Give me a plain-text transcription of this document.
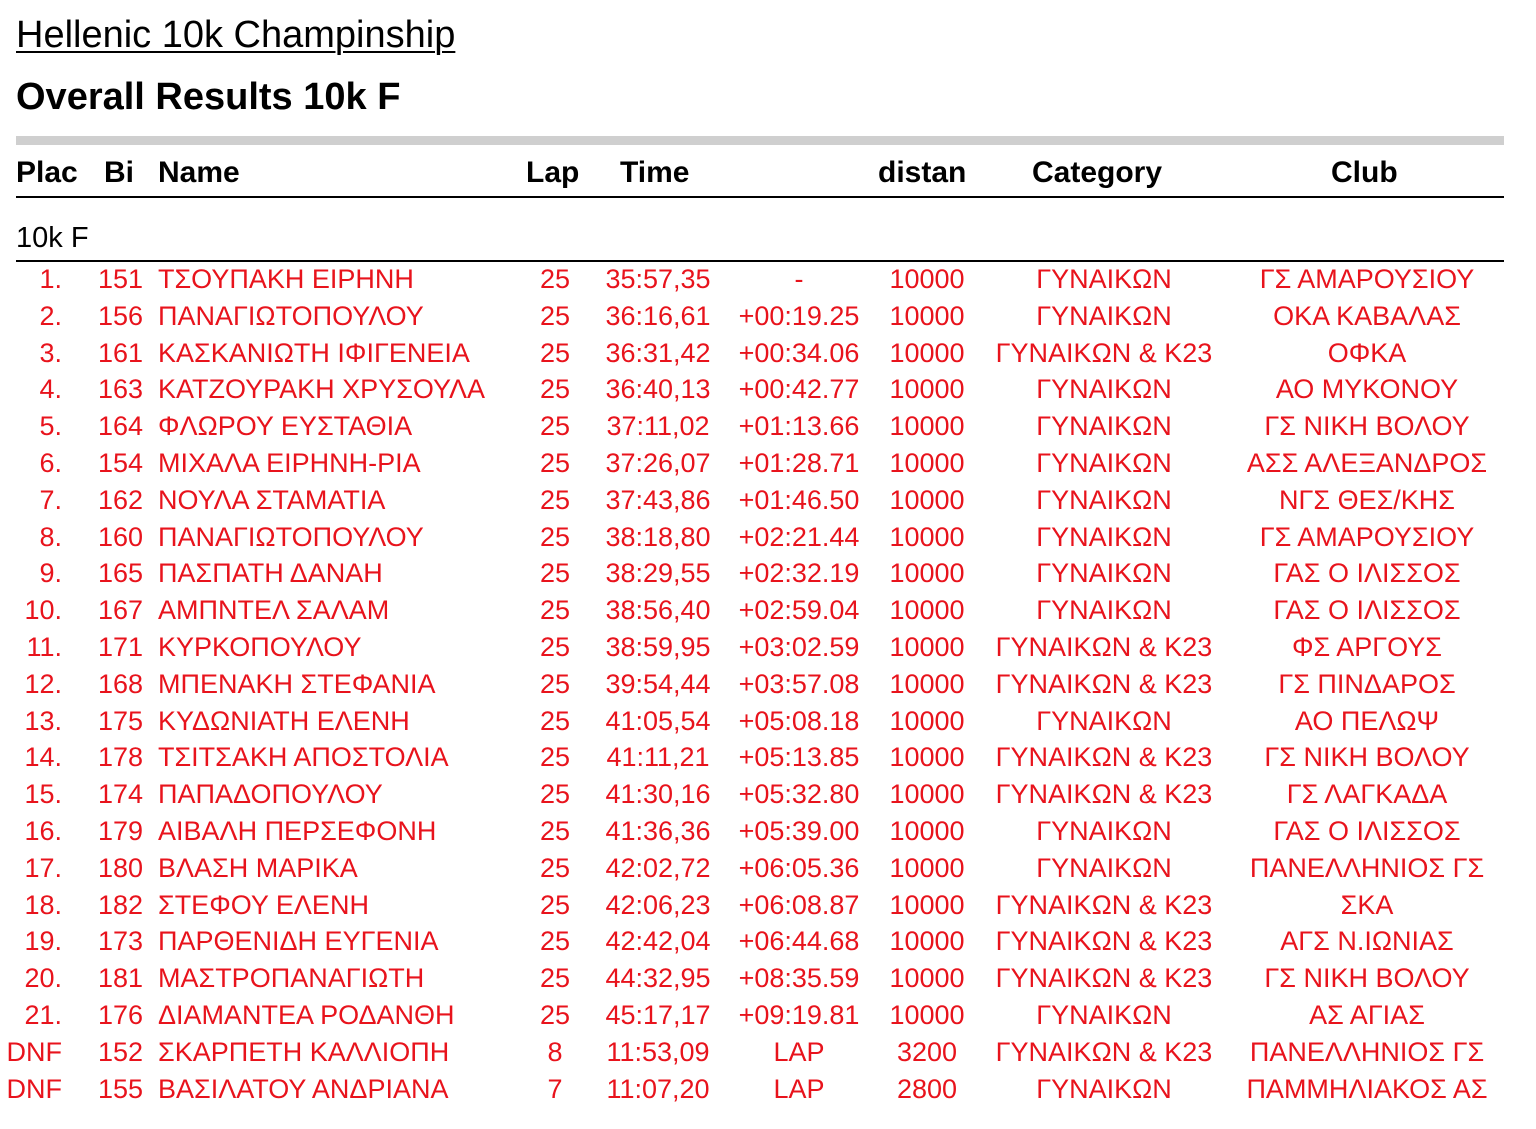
Hellenic 10k Champinship
Overall Results 10k F
Plac Bi Name	Lap Time	distan Category	Club
10k F
1. 151 ΤΣΟΥΠΑΚΗ ΕΙΡΗΝΗ	25	35:57,35	-	10000	ΓΥΝΑΙΚΩΝ	ΓΣ ΑΜΑΡΟΥΣΙΟΥ
2. 156 ΠΑΝΑΓΙΩΤΟΠΟΥΛΟΥ	25	36:16,61	+00:19.25	10000	ΓΥΝΑΙΚΩΝ	ΟΚΑ ΚΑΒΑΛΑΣ
3. 161 ΚΑΣΚΑΝΙΩΤΗ ΙΦΙΓΕΝΕΙΑ	25	36:31,42	+00:34.06	10000	ΓΥΝΑΙΚΩΝ & Κ23	ΟΦΚΑ
4. 163 ΚΑΤΖΟΥΡΑΚΗ ΧΡΥΣΟΥΛΑ	25	36:40,13	+00:42.77	10000	ΓΥΝΑΙΚΩΝ	ΑΟ ΜΥΚΟΝΟΥ
5. 164 ΦΛΩΡΟΥ ΕΥΣΤΑΘΙΑ	25	37:11,02	+01:13.66	10000	ΓΥΝΑΙΚΩΝ	ΓΣ ΝΙΚΗ ΒΟΛΟΥ
6. 154 ΜΙΧΑΛΑ ΕΙΡΗΝΗ-ΡΙΑ	25	37:26,07	+01:28.71	10000	ΓΥΝΑΙΚΩΝ	ΑΣΣ ΑΛΕΞΑΝΔΡΟΣ
7. 162 ΝΟΥΛΑ ΣΤΑΜΑΤΙΑ	25	37:43,86	+01:46.50	10000	ΓΥΝΑΙΚΩΝ	ΝΓΣ ΘΕΣ/ΚΗΣ
8. 160 ΠΑΝΑΓΙΩΤΟΠΟΥΛΟΥ	25	38:18,80	+02:21.44	10000	ΓΥΝΑΙΚΩΝ	ΓΣ ΑΜΑΡΟΥΣΙΟΥ
9. 165 ΠΑΣΠΑΤΗ ΔΑΝΑΗ	25	38:29,55	+02:32.19	10000	ΓΥΝΑΙΚΩΝ	ΓΑΣ Ο ΙΛΙΣΣΟΣ
10. 167 ΑΜΠΝΤΕΛ ΣΑΛΑΜ	25	38:56,40	+02:59.04	10000	ΓΥΝΑΙΚΩΝ	ΓΑΣ Ο ΙΛΙΣΣΟΣ
11. 171 ΚΥΡΚΟΠΟΥΛΟΥ	25	38:59,95	+03:02.59	10000	ΓΥΝΑΙΚΩΝ & Κ23	ΦΣ ΑΡΓΟΥΣ
12. 168 ΜΠΕΝΑΚΗ ΣΤΕΦΑΝΙΑ	25	39:54,44	+03:57.08	10000	ΓΥΝΑΙΚΩΝ & Κ23	ΓΣ ΠΙΝΔΑΡΟΣ
13. 175 ΚΥΔΩΝΙΑΤΗ ΕΛΕΝΗ	25	41:05,54	+05:08.18	10000	ΓΥΝΑΙΚΩΝ	ΑΟ ΠΕΛΩΨ
14. 178 ΤΣΙΤΣΑΚΗ ΑΠΟΣΤΟΛΙΑ	25	41:11,21	+05:13.85	10000	ΓΥΝΑΙΚΩΝ & Κ23	ΓΣ ΝΙΚΗ ΒΟΛΟΥ
15. 174 ΠΑΠΑΔΟΠΟΥΛΟΥ	25	41:30,16	+05:32.80	10000	ΓΥΝΑΙΚΩΝ & Κ23	ΓΣ ΛΑΓΚΑΔΑ
16. 179 ΑΙΒΑΛΗ ΠΕΡΣΕΦΟΝΗ	25	41:36,36	+05:39.00	10000	ΓΥΝΑΙΚΩΝ	ΓΑΣ Ο ΙΛΙΣΣΟΣ
17. 180 ΒΛΑΣΗ ΜΑΡΙΚΑ	25	42:02,72	+06:05.36	10000	ΓΥΝΑΙΚΩΝ	ΠΑΝΕΛΛΗΝΙΟΣ ΓΣ
18. 182 ΣΤΕΦΟΥ ΕΛΕΝΗ	25	42:06,23	+06:08.87	10000	ΓΥΝΑΙΚΩΝ & Κ23	ΣΚΑ
19. 173 ΠΑΡΘΕΝΙΔΗ ΕΥΓΕΝΙΑ	25	42:42,04	+06:44.68	10000	ΓΥΝΑΙΚΩΝ & Κ23	ΑΓΣ Ν.ΙΩΝΙΑΣ
20. 181 ΜΑΣΤΡΟΠΑΝΑΓΙΩΤΗ	25	44:32,95	+08:35.59	10000	ΓΥΝΑΙΚΩΝ & Κ23	ΓΣ ΝΙΚΗ ΒΟΛΟΥ
21. 176 ΔΙΑΜΑΝΤΕΑ ΡΟΔΑΝΘΗ	25	45:17,17	+09:19.81	10000	ΓΥΝΑΙΚΩΝ	ΑΣ ΑΓΙΑΣ
DNF 152 ΣΚΑΡΠΕΤΗ ΚΑΛΛΙΟΠΗ	8	11:53,09	LAP	3200	ΓΥΝΑΙΚΩΝ & Κ23	ΠΑΝΕΛΛΗΝΙΟΣ ΓΣ
DNF 155 ΒΑΣΙΛΑΤΟΥ ΑΝΔΡΙΑΝΑ	7	11:07,20	LAP	2800	ΓΥΝΑΙΚΩΝ	ΠΑΜΜΗΛΙΑΚΟΣ ΑΣ
